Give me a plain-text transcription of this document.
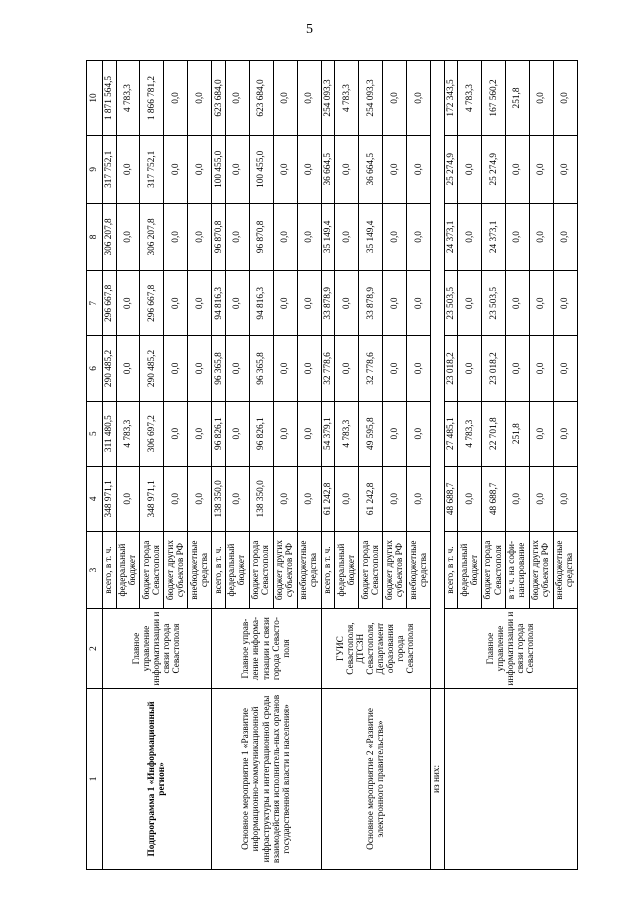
5
1	2	3	4	5	6	7	8	9	10
Подпрограмма 1 «Информационный регион»	Главное управление информатизации и связи города Севастополя	всего, в т. ч.	348 971,1	311 480,5	290 485,2	296 667,8	306 207,8	317 752,1	1 871 564,5
		федеральный бюджет	0,0	4 783,3	0,0	0,0	0,0	0,0	4 783,3
		бюджет города Севастополя	348 971,1	306 697,2	290 485,2	296 667,8	306 207,8	317 752,1	1 866 781,2
		бюджет других субъектов РФ	0,0	0,0	0,0	0,0	0,0	0,0	0,0
		внебюджетные средства	0,0	0,0	0,0	0,0	0,0	0,0	0,0
Основное мероприятие 1 «Развитие информационно-коммуникационной инфраструктуры и интеграционной среды взаимодействия исполнитель-ных органов государственной власти и населения»	Главное управ-ление информа-тизации и связи города Севасто-поля	всего, в т. ч.	138 350,0	96 826,1	96 365,8	94 816,3	96 870,8	100 455,0	623 684,0
		федеральный бюджет	0,0	0,0	0,0	0,0	0,0	0,0	0,0
		бюджет города Севастополя	138 350,0	96 826,1	96 365,8	94 816,3	96 870,8	100 455,0	623 684,0
		бюджет других субъектов РФ	0,0	0,0	0,0	0,0	0,0	0,0	0,0
		внебюджетные средства	0,0	0,0	0,0	0,0	0,0	0,0	0,0
Основное мероприятие 2 «Развитие электронного правительства»	ГУИС Севастополя, ДТСЗН Севастополя, Департамент образования города Севастополя	всего, в т. ч.	61 242,8	54 379,1	32 778,6	33 878,9	35 149,4	36 664,5	254 093,3
		федеральный бюджет	0,0	4 783,3	0,0	0,0	0,0	0,0	4 783,3
		бюджет города Севастополя	61 242,8	49 595,8	32 778,6	33 878,9	35 149,4	36 664,5	254 093,3
		бюджет других субъектов РФ	0,0	0,0	0,0	0,0	0,0	0,0	0,0
		внебюджетные средства	0,0	0,0	0,0	0,0	0,0	0,0	0,0
из них:									
	Главное управление информатизации и связи города Севастополя	всего, в т. ч.	48 688,7	27 485,1	23 018,2	23 503,5	24 373,1	25 274,9	172 343,5
		федеральный бюджет	0,0	4 783,3	0,0	0,0	0,0	0,0	4 783,3
		бюджет города Севастополя	48 688,7	22 701,8	23 018,2	23 503,5	24 373,1	25 274,9	167 560,2
		в т. ч. на софи-нансирование	0,0	251,8	0,0	0,0	0,0	0,0	251,8
		бюджет других субъектов РФ	0,0	0,0	0,0	0,0	0,0	0,0	0,0
		внебюджетные средства	0,0	0,0	0,0	0,0	0,0	0,0	0,0
